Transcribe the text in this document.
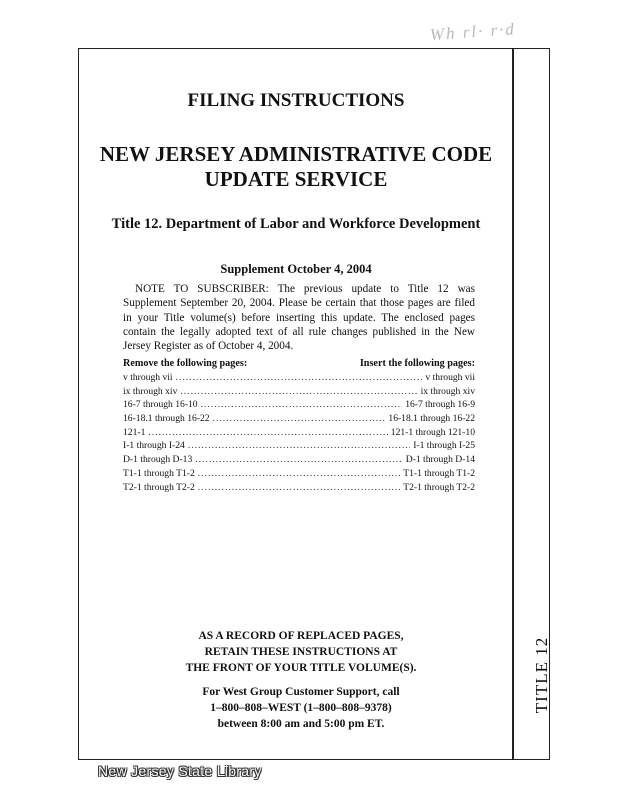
Wh rl· r·d
TITLE 12
FILING INSTRUCTIONS
NEW JERSEY ADMINISTRATIVE CODE
UPDATE SERVICE
Title 12. Department of Labor and Workforce Development
Supplement October 4, 2004
NOTE TO SUBSCRIBER: The previous update to Title 12 was Supplement September 20, 2004. Please be certain that those pages are filed in your Title volume(s) before inserting this update. The enclosed pages contain the legally adopted text of all rule changes published in the New Jersey Register as of October 4, 2004.
Remove the following pages:	Insert the following pages:
v through vii .....	v through vii
ix through xiv .....	ix through xiv
16-7 through 16-10 .....	16-7 through 16-9
16-18.1 through 16-22 .....	16-18.1 through 16-22
121-1 .....	121-1 through 121-10
I-1 through I-24 .....	I-1 through I-25
D-1 through D-13 .....	D-1 through D-14
T1-1 through T1-2 .....	T1-1 through T1-2
T2-1 through T2-2 .....	T2-1 through T2-2
AS A RECORD OF REPLACED PAGES,
RETAIN THESE INSTRUCTIONS AT
THE FRONT OF YOUR TITLE VOLUME(S).
For West Group Customer Support, call
1–800–808–WEST (1–800–808–9378)
between 8:00 am and 5:00 pm ET.
New Jersey State Library
